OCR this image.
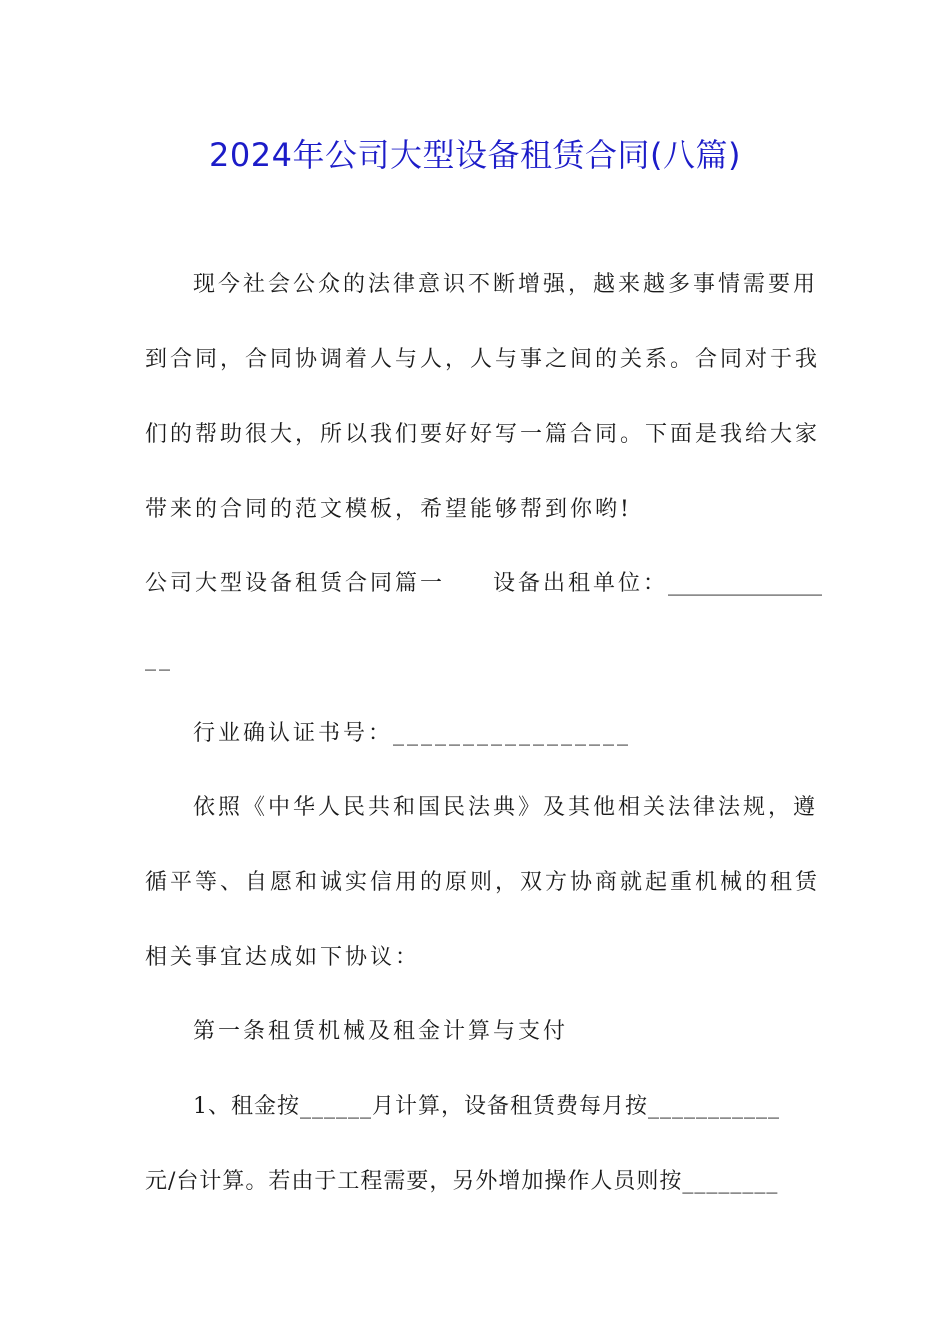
2024年公司大型设备租赁合同(八篇)
现今社会公众的法律意识不断增强，越来越多事情需要用
到合同，合同协调着人与人，人与事之间的关系。合同对于我
们的帮助很大，所以我们要好好写一篇合同。下面是我给大家
带来的合同的范文模板，希望能够帮到你哟!
公司大型设备租赁合同篇一 设备出租单位：______________
__
行业确认证书号：_________________
依照《中华人民共和国民法典》及其他相关法律法规，遵
循平等、自愿和诚实信用的原则，双方协商就起重机械的租赁
相关事宜达成如下协议：
第一条租赁机械及租金计算与支付
1、租金按______月计算，设备租赁费每月按___________
元/台计算。若由于工程需要，另外增加操作人员则按________
